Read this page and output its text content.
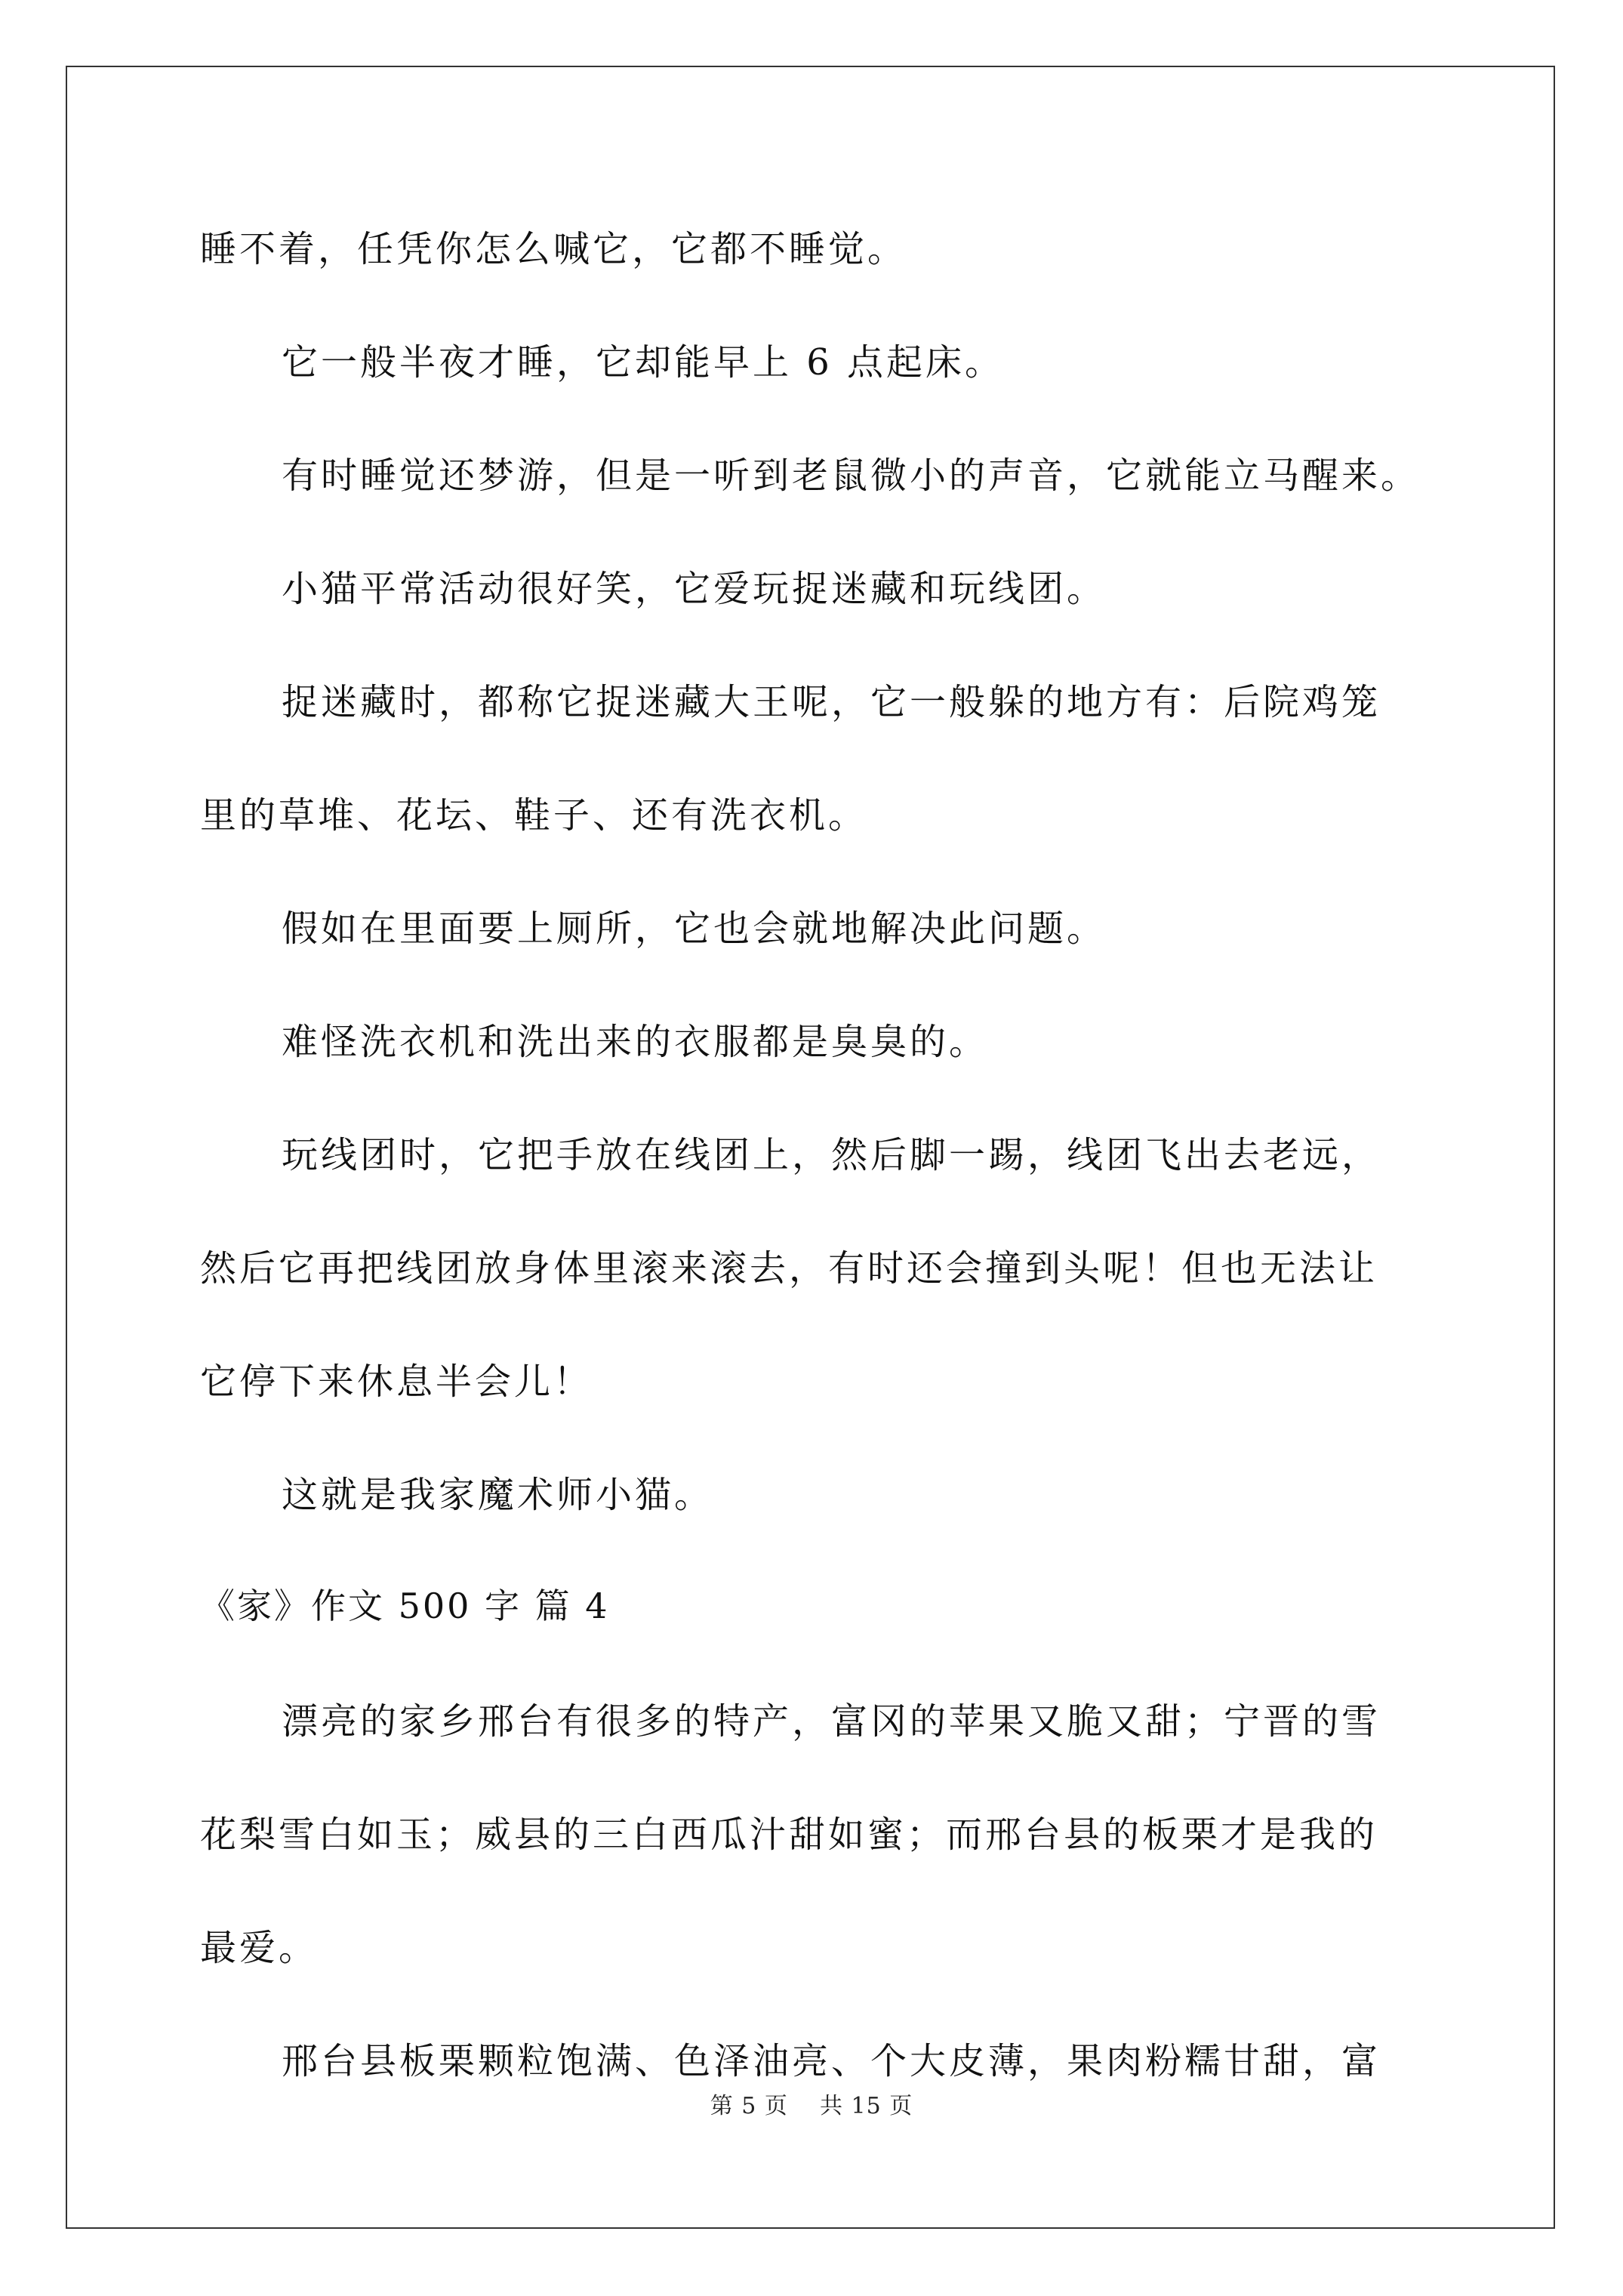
睡不着，任凭你怎么喊它，它都不睡觉。
它一般半夜才睡，它却能早上 6 点起床。
有时睡觉还梦游，但是一听到老鼠微小的声音，它就能立马醒来。
小猫平常活动很好笑，它爱玩捉迷藏和玩线团。
捉迷藏时，都称它捉迷藏大王呢，它一般躲的地方有：后院鸡笼
里的草堆、花坛、鞋子、还有洗衣机。
假如在里面要上厕所，它也会就地解决此问题。
难怪洗衣机和洗出来的衣服都是臭臭的。
玩线团时，它把手放在线团上，然后脚一踢，线团飞出去老远，
然后它再把线团放身体里滚来滚去，有时还会撞到头呢！但也无法让
它停下来休息半会儿！
这就是我家魔术师小猫。
《家》作文 500 字 篇 4
漂亮的家乡邢台有很多的特产，富冈的苹果又脆又甜；宁晋的雪
花梨雪白如玉；威县的三白西瓜汁甜如蜜；而邢台县的板栗才是我的
最爱。
邢台县板栗颗粒饱满、色泽油亮、个大皮薄，果肉粉糯甘甜，富
第 5 页    共 15 页
